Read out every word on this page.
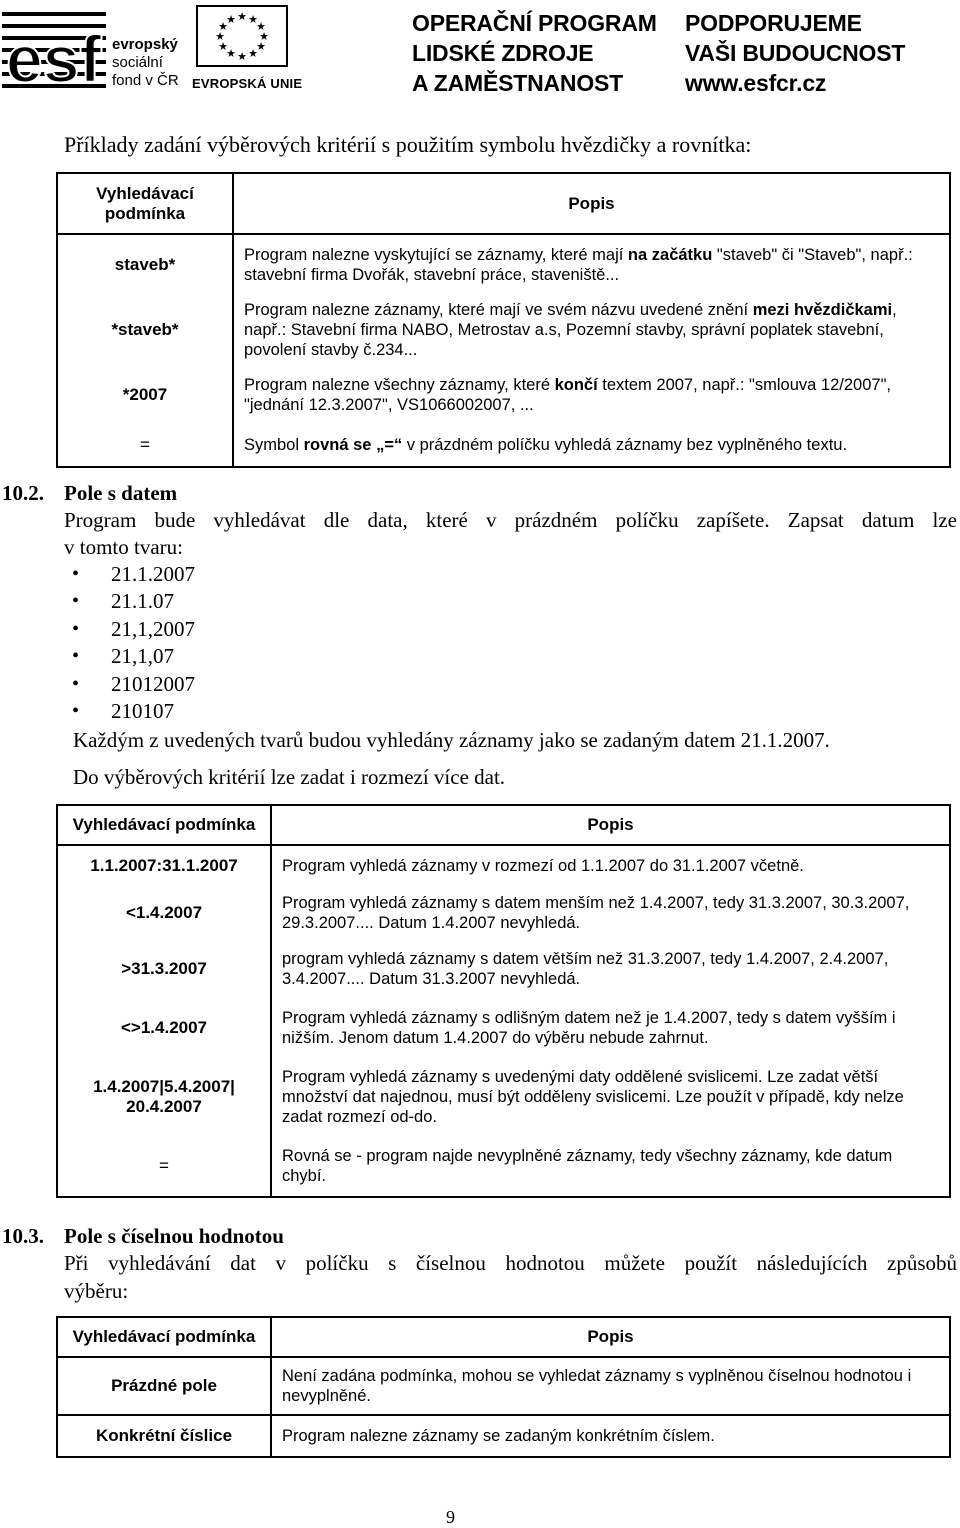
esf evropský
sociální
fond v ČR
★ ★
★
★
★
★
★
★
★
★
★
★
EVROPSKÁ UNIE
OPERAČNÍ PROGRAM
LIDSKÉ ZDROJE
A ZAMĚSTNANOST
PODPORUJEME
VAŠI BUDOUCNOST
www.esfcr.cz
Příklady zadání výběrových kritérií s použitím symbolu hvězdičky a rovnítka:
Vyhledávací podmínka	Popis
staveb*	Program nalezne vyskytující se záznamy, které mají na začátku "staveb" či "Staveb", např.: stavební firma Dvořák, stavební práce, staveniště...
*staveb*	Program nalezne záznamy, které mají ve svém názvu uvedené znění mezi hvězdičkami, např.: Stavební firma NABO, Metrostav a.s, Pozemní stavby, správní poplatek stavební, povolení stavby č.234...
*2007	Program nalezne všechny záznamy, které končí textem 2007, např.: "smlouva 12/2007", "jednání 12.3.2007", VS1066002007, ...
=	Symbol rovná se „=“ v prázdném políčku vyhledá záznamy bez vyplněného textu.
10.2. Pole s datem
Program bude vyhledávat dle data, které v prázdném políčku zapíšete. Zapsat datum lze
v tomto tvaru:
• 21.1.2007
• 21.1.07
• 21,1,2007
• 21,1,07
• 21012007
• 210107
Každým z uvedených tvarů budou vyhledány záznamy jako se zadaným datem 21.1.2007.
Do výběrových kritérií lze zadat i rozmezí více dat.
Vyhledávací podmínka	Popis
1.1.2007:31.1.2007	Program vyhledá záznamy v rozmezí od 1.1.2007 do 31.1.2007 včetně.
<1.4.2007	Program vyhledá záznamy s datem menším než 1.4.2007, tedy 31.3.2007, 30.3.2007, 29.3.2007.... Datum 1.4.2007 nevyhledá.
>31.3.2007	program vyhledá záznamy s datem větším než 31.3.2007, tedy 1.4.2007, 2.4.2007, 3.4.2007.... Datum 31.3.2007 nevyhledá.
<>1.4.2007	Program vyhledá záznamy s odlišným datem než je 1.4.2007, tedy s datem vyšším i nižším. Jenom datum 1.4.2007 do výběru nebude zahrnut.

1.4.2007|5.4.2007|
20.4.2007	Program vyhledá záznamy s uvedenými daty oddělené svislicemi. Lze zadat větší množství dat najednou, musí být odděleny svislicemi. Lze použít v případě, kdy nelze zadat rozmezí od-do.
=	Rovná se - program najde nevyplněné záznamy, tedy všechny záznamy, kde datum chybí.
10.3. Pole s číselnou hodnotou
Při vyhledávání dat v políčku s číselnou hodnotou můžete použít následujících způsobů
výběru:
Vyhledávací podmínka	Popis
Prázdné pole	Není zadána podmínka, mohou se vyhledat záznamy s vyplněnou číselnou hodnotou i nevyplněné.
Konkrétní číslice	Program nalezne záznamy se zadaným konkrétním číslem.
9
